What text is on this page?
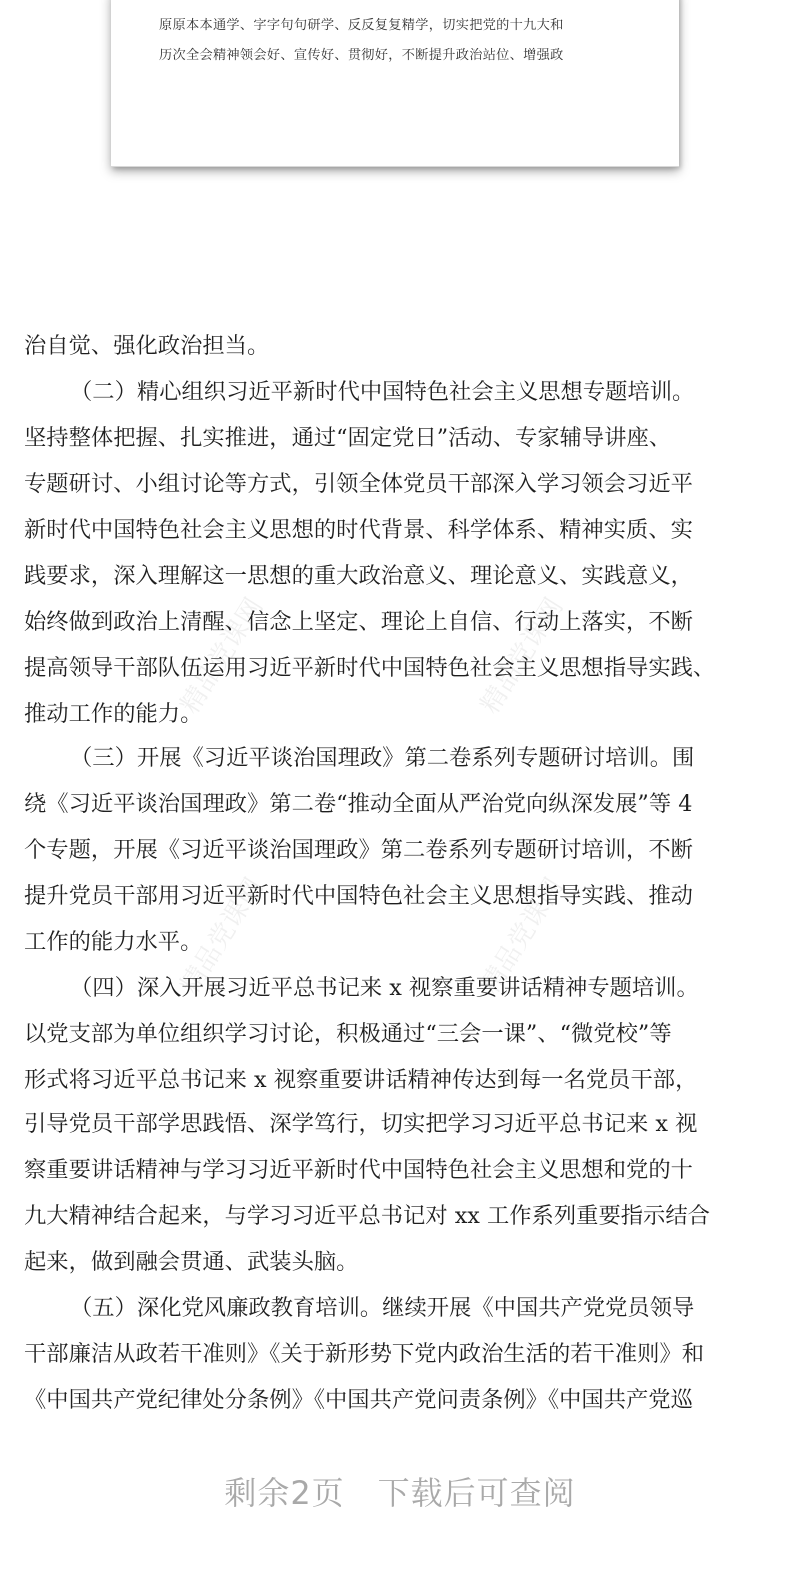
原原本本通学、字字句句研学、反反复复精学，切实把党的十九大和
历次全会精神领会好、宣传好、贯彻好，不断提升政治站位、增强政
精品党课网	精品党课网
精品党课网	精品党课网
治自觉、强化政治担当。
（二）精心组织习近平新时代中国特色社会主义思想专题培训。
坚持整体把握、扎实推进，通过“固定党日”活动、专家辅导讲座、
专题研讨、小组讨论等方式，引领全体党员干部深入学习领会习近平
新时代中国特色社会主义思想的时代背景、科学体系、精神实质、实
践要求，深入理解这一思想的重大政治意义、理论意义、实践意义，
始终做到政治上清醒、信念上坚定、理论上自信、行动上落实，不断
提高领导干部队伍运用习近平新时代中国特色社会主义思想指导实践、
推动工作的能力。
（三）开展《习近平谈治国理政》第二卷系列专题研讨培训。围
绕《习近平谈治国理政》第二卷“推动全面从严治党向纵深发展”等 4
个专题，开展《习近平谈治国理政》第二卷系列专题研讨培训，不断
提升党员干部用习近平新时代中国特色社会主义思想指导实践、推动
工作的能力水平。
（四）深入开展习近平总书记来 x 视察重要讲话精神专题培训。
以党支部为单位组织学习讨论，积极通过“三会一课”、“微党校”等
形式将习近平总书记来 x 视察重要讲话精神传达到每一名党员干部，
引导党员干部学思践悟、深学笃行，切实把学习习近平总书记来 x 视
察重要讲话精神与学习习近平新时代中国特色社会主义思想和党的十
九大精神结合起来，与学习习近平总书记对 xx 工作系列重要指示结合
起来，做到融会贯通、武装头脑。
（五）深化党风廉政教育培训。继续开展《中国共产党党员领导
干部廉洁从政若干准则》《关于新形势下党内政治生活的若干准则》和
《中国共产党纪律处分条例》《中国共产党问责条例》《中国共产党巡
剩余2页　下载后可查阅
